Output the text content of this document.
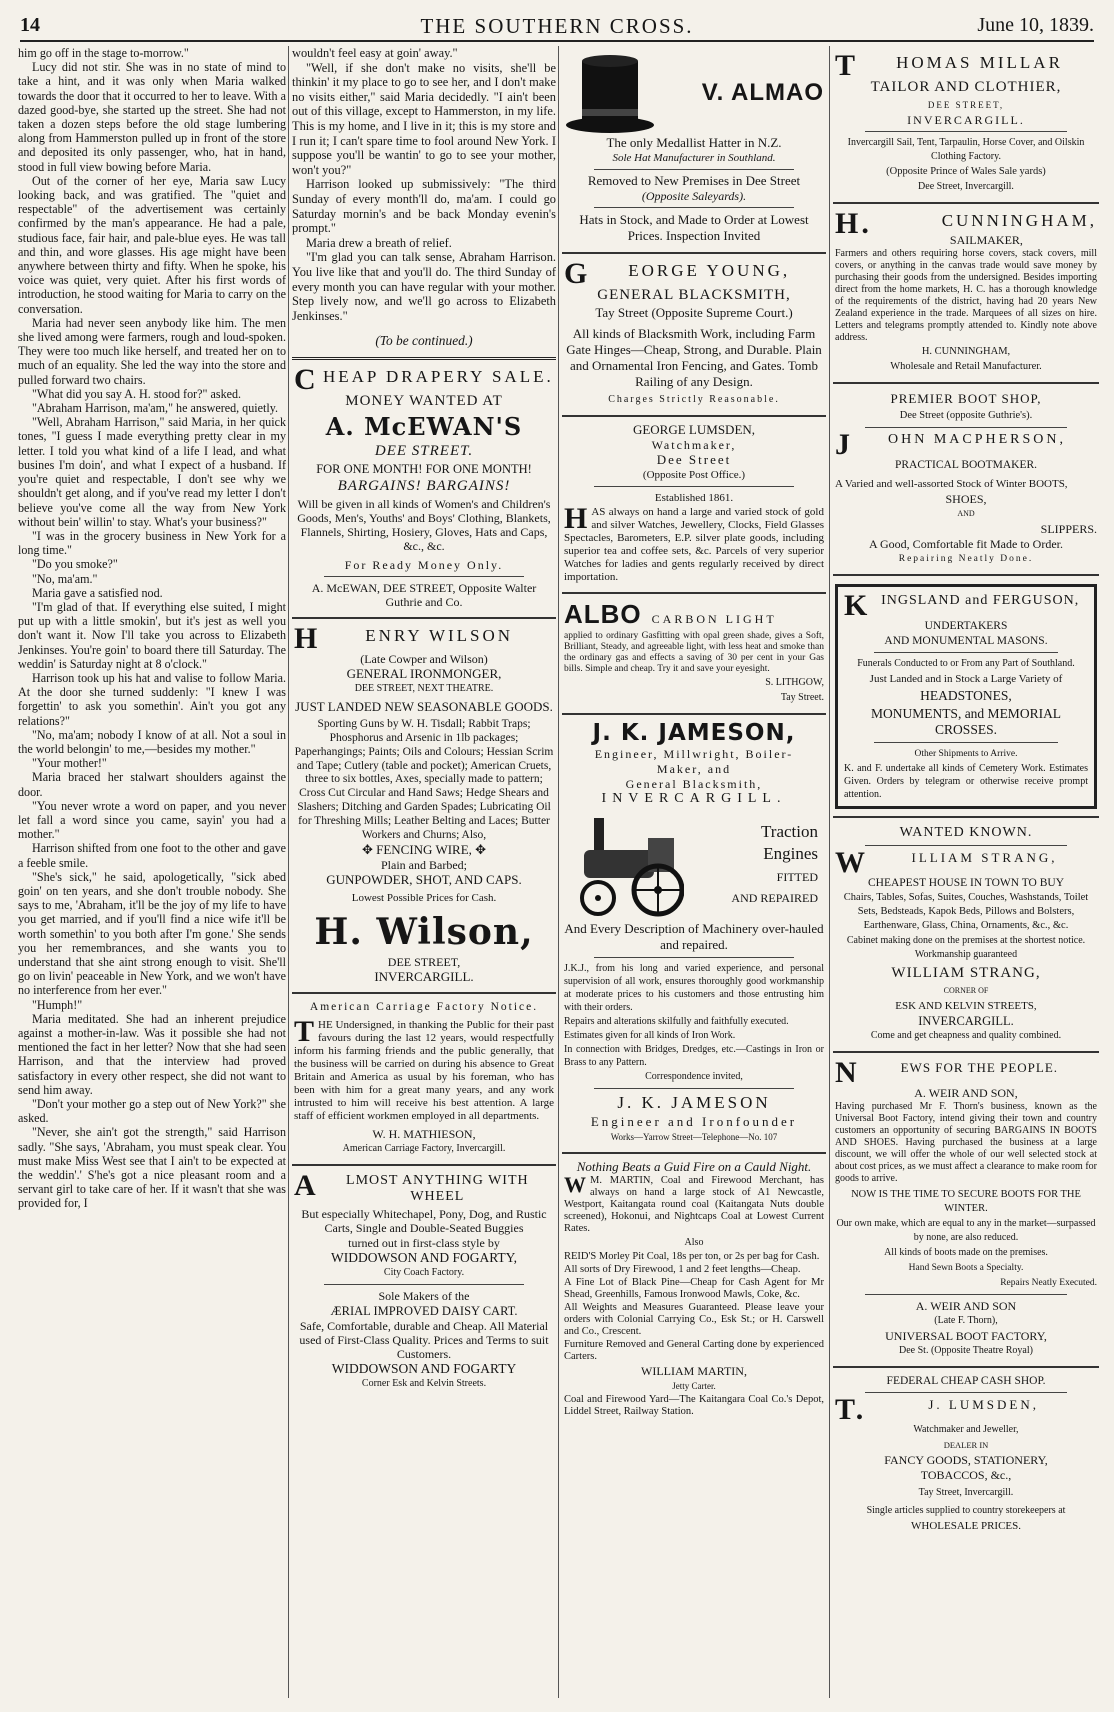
14	THE SOUTHERN CROSS.	June 10, 1839.

him go off in the stage to-morrow."

Lucy did not stir. She was in no state of mind to take a hint, and it was only when Maria walked towards the door that it occurred to her to leave. With a dazed good-bye, she started up the street. She had not taken a dozen steps before the old stage lumbering along from Hammerston pulled up in front of the store and deposited its only passenger, who, hat in hand, stood in full view bowing before Maria.

Out of the corner of her eye, Maria saw Lucy looking back, and was gratified. The "quiet and respectable" of the advertisement was certainly confirmed by the man's appearance. He had a pale, studious face, fair hair, and pale-blue eyes. He was tall and thin, and wore glasses. His age might have been anywhere between thirty and fifty. When he spoke, his voice was quiet, very quiet. After his first words of introduction, he stood waiting for Maria to carry on the conversation.

Maria had never seen anybody like him. The men she lived among were farmers, rough and loud-spoken. They were too much like herself, and treated her on to much of an equality. She led the way into the store and pulled forward two chairs.

"What did you say A. H. stood for?" asked.

"Abraham Harrison, ma'am," he answered, quietly.

"Well, Abraham Harrison," said Maria, in her quick tones, "I guess I made everything pretty clear in my letter. I told you what kind of a life I lead, and what busines I'm doin', and what I expect of a husband. If you're quiet and respectable, I don't see why we shouldn't get along, and if you've read my letter I don't believe you've come all the way from New York without bein' willin' to stay. What's your business?"

"I was in the grocery business in New York for a long time."

"Do you smoke?"

"No, ma'am."

Maria gave a satisfied nod.

"I'm glad of that. If everything else suited, I might put up with a little smokin', but it's jest as well you don't want it. Now I'll take you across to Elizabeth Jenkinses. You're goin' to board there till Saturday. The weddin' is Saturday night at 8 o'clock."

Harrison took up his hat and valise to follow Maria. At the door she turned suddenly: "I knew I was forgettin' to ask you somethin'. Ain't you got any relations?"

"No, ma'am; nobody I know of at all. Not a soul in the world belongin' to me,—besides my mother."

"Your mother!"

Maria braced her stalwart shoulders against the door.

"You never wrote a word on paper, and you never let fall a word since you came, sayin' you had a mother."

Harrison shifted from one foot to the other and gave a feeble smile.

"She's sick," he said, apologetically, "sick abed goin' on ten years, and she don't trouble nobody. She says to me, 'Abraham, it'll be the joy of my life to have you get married, and if you'll find a nice wife it'll be worth somethin' to you both after I'm gone.' She sends you her remembrances, and she wants you to understand that she aint strong enough to visit. She'll go on livin' peaceable in New York, and we won't have no interference from her ever."

"Humph!"

Maria meditated. She had an inherent prejudice against a mother-in-law. Was it possible she had not mentioned the fact in her letter? Now that she had seen Harrison, and that the interview had proved satisfactory in every other respect, she did not want to send him away.

"Don't your mother go a step out of New York?" she asked.

"Never, she ain't got the strength," said Harrison sadly. "She says, 'Abraham, you must speak clear. You must make Miss West see that I ain't to be expected at the weddin'.' S'he's got a nice pleasant room and a servant girl to take care of her. If it wasn't that she was provided for, I

wouldn't feel easy at goin' away."

"Well, if she don't make no visits, she'll be thinkin' it my place to go to see her, and I don't make no visits either," said Maria decidedly. "I ain't been out of this village, except to Hammerston, in my life. This is my home, and I live in it; this is my store and I run it; I can't spare time to fool around New York. I suppose you'll be wantin' to go to see your mother, won't you?"

Harrison looked up submissively: "The third Sunday of every month'll do, ma'am. I could go Saturday mornin's and be back Monday evenin's prompt."

Maria drew a breath of relief.

"I'm glad you can talk sense, Abraham Harrison. You live like that and you'll do. The third Sunday of every month you can have regular with your mother. Step lively now, and we'll go across to Elizabeth Jenkinses."

(To be continued.)

CHEAP DRAPERY SALE.
MONEY WANTED AT
A. McEWAN'S
DEE STREET.
FOR ONE MONTH! FOR ONE MONTH!
BARGAINS! BARGAINS!
Will be given in all kinds of Women's and Children's Goods, Men's, Youths' and Boys' Clothing, Blankets, Flannels, Shirting, Hosiery, Gloves, Hats and Caps, &c., &c.
For Ready Money Only.
A. McEWAN, DEE STREET, Opposite Walter Guthrie and Co.
H	ENRY WILSON
(Late Cowper and Wilson)
GENERAL IRONMONGER,
DEE STREET, NEXT THEATRE.
JUST LANDED NEW SEASONABLE GOODS.
Sporting Guns by W. H. Tisdall; Rabbit Traps; Phosphorus and Arsenic in 1lb packages; Paperhangings; Paints; Oils and Colours; Hessian Scrim and Tape; Cutlery (table and pocket); American Cruets, three to six bottles, Axes, specially made to pattern; Cross Cut Circular and Hand Saws; Hedge Shears and Slashers; Ditching and Garden Spades; Lubricating Oil for Threshing Mills; Leather Belting and Laces; Butter Workers and Churns; Also,
✥ FENCING WIRE, ✥
Plain and Barbed;
GUNPOWDER, SHOT, AND CAPS.
Lowest Possible Prices for Cash.
H. Wilson,
DEE STREET,
INVERCARGILL.
American Carriage Factory Notice.
THE Undersigned, in thanking the Public for their past favours during the last 12 years, would respectfully inform his farming friends and the public generally, that the business will be carried on during his absence to Great Britain and America as usual by his foreman, who has been with him for a great many years, and any work intrusted to him will receive his best attention. A large staff of efficient workmen employed in all departments.
W. H. MATHIESON,
American Carriage Factory, Invercargill.
A LMOST ANYTHING WITH WHEEL
But especially Whitechapel, Pony, Dog, and Rustic Carts, Single and Double-Seated Buggies
turned out in first-class style by
WIDDOWSON AND FOGARTY,
City Coach Factory.
Sole Makers of the
ÆRIAL IMPROVED DAISY CART.
Safe, Comfortable, durable and Cheap. All Material used of First-Class Quality. Prices and Terms to suit Customers.
WIDDOWSON AND FOGARTY
Corner Esk and Kelvin Streets.
V. ALMAO
The only Medallist Hatter in N.Z.
Sole Hat Manufacturer in Southland.
Removed to New Premises in Dee Street
(Opposite Saleyards).
Hats in Stock, and Made to Order at Lowest Prices. Inspection Invited
G EORGE YOUNG,
GENERAL BLACKSMITH,
Tay Street (Opposite Supreme Court.)
All kinds of Blacksmith Work, including Farm Gate Hinges—Cheap, Strong, and Durable. Plain and Ornamental Iron Fencing, and Gates. Tomb Railing of any Design.
Charges Strictly Reasonable.
GEORGE LUMSDEN,
Watchmaker,
Dee Street
(Opposite Post Office.)
Established 1861.
HAS always on hand a large and varied stock of gold and silver Watches, Jewellery, Clocks, Field Glasses Spectacles, Barometers, E.P. silver plate goods, including superior tea and coffee sets, &c. Parcels of very superior Watches for ladies and gents regularly received by direct importation.
ALBO CARBON LIGHT
applied to ordinary Gasfitting with opal green shade, gives a Soft, Brilliant, Steady, and agreeable light, with less heat and smoke than the ordinary gas and effects a saving of 30 per cent in your Gas bills. Simple and cheap. Try it and save your eyesight.
S. LITHGOW,
Tay Street.
J. K. JAMESON,
Engineer, Millwright, Boiler-
Maker, and
General Blacksmith,
INVERCARGILL.
Traction
Engines
FITTED
AND REPAIRED
And Every Description of Machinery over-hauled and repaired.
J.K.J., from his long and varied experience, and personal supervision of all work, ensures thoroughly good workmanship at moderate prices to his customers and those entrusting him with their orders.
Repairs and alterations skilfully and faithfully executed.
Estimates given for all kinds of Iron Work.
In connection with Bridges, Dredges, etc.—Castings in Iron or Brass to any Pattern.
Correspondence invited,
J. K. JAMESON
Engineer and Ironfounder
Works—Yarrow Street—Telephone—No. 107
Nothing Beats a Guid Fire on a Cauld Night.
W M. MARTIN, Coal and Firewood Merchant, has always on hand a large stock of A1 Newcastle, Westport, Kaitangata round coal (Kaitangata Nuts double screened), Hokonui, and Nightcaps Coal at Lowest Current Rates.
Also
REID'S Morley Pit Coal, 18s per ton, or 2s per bag for Cash.
All sorts of Dry Firewood, 1 and 2 feet lengths—Cheap.
A Fine Lot of Black Pine—Cheap for Cash Agent for Mr Shead, Greenhills, Famous Ironwood Mawls, Coke, &c.
All Weights and Measures Guaranteed. Please leave your orders with Colonial Carrying Co., Esk St.; or H. Carswell and Co., Crescent.
Furniture Removed and General Carting done by experienced Carters.
WILLIAM MARTIN,
Jetty Carter.
Coal and Firewood Yard—The Kaitangara Coal Co.'s Depot, Liddel Street, Railway Station.
T HOMAS MILLAR
TAILOR AND CLOTHIER,
DEE STREET,
INVERCARGILL.
Invercargill Sail, Tent, Tarpaulin, Horse Cover, and Oilskin Clothing Factory.
(Opposite Prince of Wales Sale yards)
Dee Street, Invercargill.
H.	CUNNINGHAM,
SAILMAKER,
Farmers and others requiring horse covers, stack covers, mill covers, or anything in the canvas trade would save money by purchasing their goods from the undersigned. Besides importing direct from the home markets, H. C. has a thorough knowledge of the requirements of the district, having had 20 years New Zealand experience in the trade. Marquees of all sizes on hire. Letters and telegrams promptly attended to. Kindly note above address.
H. CUNNINGHAM,
Wholesale and Retail Manufacturer.
PREMIER BOOT SHOP,
Dee Street (opposite Guthrie's).
J OHN MACPHERSON,
PRACTICAL BOOTMAKER.
A Varied and well-assorted Stock of Winter BOOTS,
SHOES,
AND
SLIPPERS.
A Good, Comfortable fit Made to Order.
Repairing Neatly Done.
KINGSLAND and FERGUSON,
UNDERTAKERS
AND MONUMENTAL MASONS.
Funerals Conducted to or From any Part of Southland.
Just Landed and in Stock a Large Variety of
HEADSTONES,
MONUMENTS, and MEMORIAL CROSSES.
Other Shipments to Arrive.
K. and F. undertake all kinds of Cemetery Work. Estimates Given. Orders by telegram or otherwise receive prompt attention.
WANTED KNOWN.
W	ILLIAM STRANG,
CHEAPEST HOUSE IN TOWN TO BUY
Chairs, Tables, Sofas, Suites, Couches, Washstands, Toilet Sets, Bedsteads, Kapok Beds, Pillows and Bolsters, Earthenware, Glass, China, Ornaments, &c., &c.
Cabinet making done on the premises at the shortest notice. Workmanship guaranteed
WILLIAM STRANG,
CORNER OF
ESK AND KELVIN STREETS,
INVERCARGILL.
Come and get cheapness and quality combined.
N	EWS FOR THE PEOPLE.
A. WEIR AND SON,
Having purchased Mr F. Thorn's business, known as the Universal Boot Factory, intend giving their town and country customers an opportunity of securing BARGAINS IN BOOTS AND SHOES. Having purchased the business at a large discount, we will offer the whole of our well selected stock at about cost prices, as we must affect a clearance to make room for goods to arrive.
NOW IS THE TIME TO SECURE BOOTS FOR THE WINTER.
Our own make, which are equal to any in the market—surpassed by none, are also reduced.
All kinds of boots made on the premises.
Hand Sewn Boots a Specialty.
Repairs Neatly Executed.
A. WEIR AND SON
(Late F. Thorn),
UNIVERSAL BOOT FACTORY,
Dee St. (Opposite Theatre Royal)
FEDERAL CHEAP CASH SHOP.
T.	J. LUMSDEN,
Watchmaker and Jeweller,
DEALER IN
FANCY GOODS, STATIONERY,
TOBACCOS, &c.,
Tay Street, Invercargill.
Single articles supplied to country storekeepers at
WHOLESALE PRICES.
